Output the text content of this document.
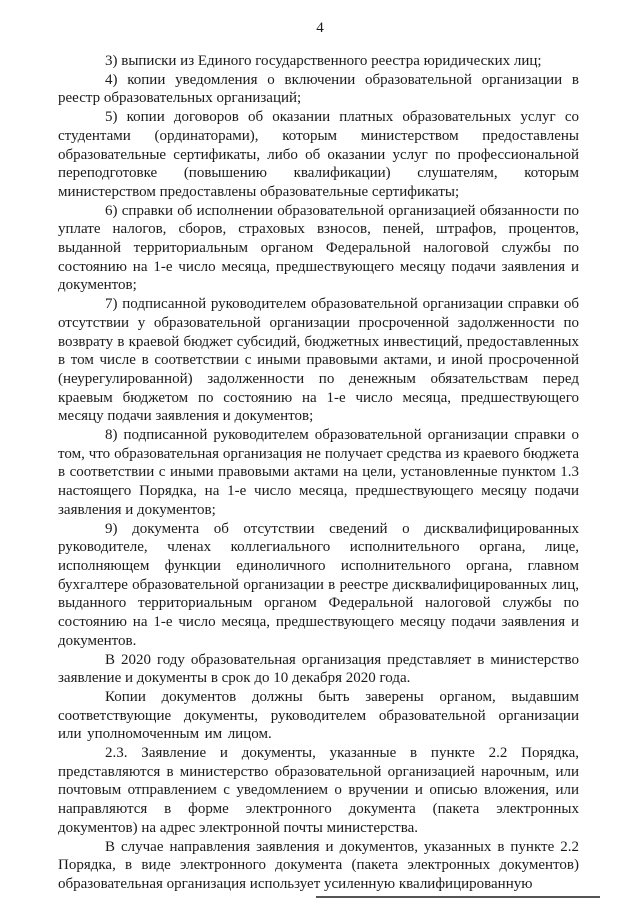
4

3) выписки из Единого государственного реестра юридических лиц;

4) копии уведомления о включении образовательной организации в реестр образовательных организаций;

5) копии договоров об оказании платных образовательных услуг со студентами (ординаторами), которым министерством предоставлены образовательные сертификаты, либо об оказании услуг по профессиональной переподготовке (повышению квалификации) слушателям, которым министерством предоставлены образовательные сертификаты;

6) справки об исполнении образовательной организацией обязанности по уплате налогов, сборов, страховых взносов, пеней, штрафов, процентов, выданной территориальным органом Федеральной налоговой службы по состоянию на 1-е число месяца, предшествующего месяцу подачи заявления и документов;

7) подписанной руководителем образовательной организации справки об отсутствии у образовательной организации просроченной задолженности по возврату в краевой бюджет субсидий, бюджетных инвестиций, предоставленных в том числе в соответствии с иными правовыми актами, и иной просроченной (неурегулированной) задолженности по денежным обязательствам перед краевым бюджетом по состоянию на 1-е число месяца, предшествующего месяцу подачи заявления и документов;

8) подписанной руководителем образовательной организации справки о том, что образовательная организация не получает средства из краевого бюджета в соответствии с иными правовыми актами на цели, установленные пунктом 1.3 настоящего Порядка, на 1-е число месяца, предшествующего месяцу подачи заявления и документов;

9) документа об отсутствии сведений о дисквалифицированных руководителе, членах коллегиального исполнительного органа, лице, исполняющем функции единоличного исполнительного органа, главном бухгалтере образовательной организации в реестре дисквалифицированных лиц, выданного территориальным органом Федеральной налоговой службы по состоянию на 1-е число месяца, предшествующего месяцу подачи заявления и документов.

В 2020 году образовательная организация представляет в министерство заявление и документы в срок до 10 декабря 2020 года.

Копии документов должны быть заверены органом, выдавшим соответствующие документы, руководителем образовательной организации или уполномоченным им лицом.

2.3. Заявление и документы, указанные в пункте 2.2 Порядка, представляются в министерство образовательной организацией нарочным, или почтовым отправлением с уведомлением о вручении и описью вложения, или направляются в форме электронного документа (пакета электронных документов) на адрес электронной почты министерства.

В случае направления заявления и документов, указанных в пункте 2.2 Порядка, в виде электронного документа (пакета электронных документов) образовательная организация использует усиленную квалифицированную
